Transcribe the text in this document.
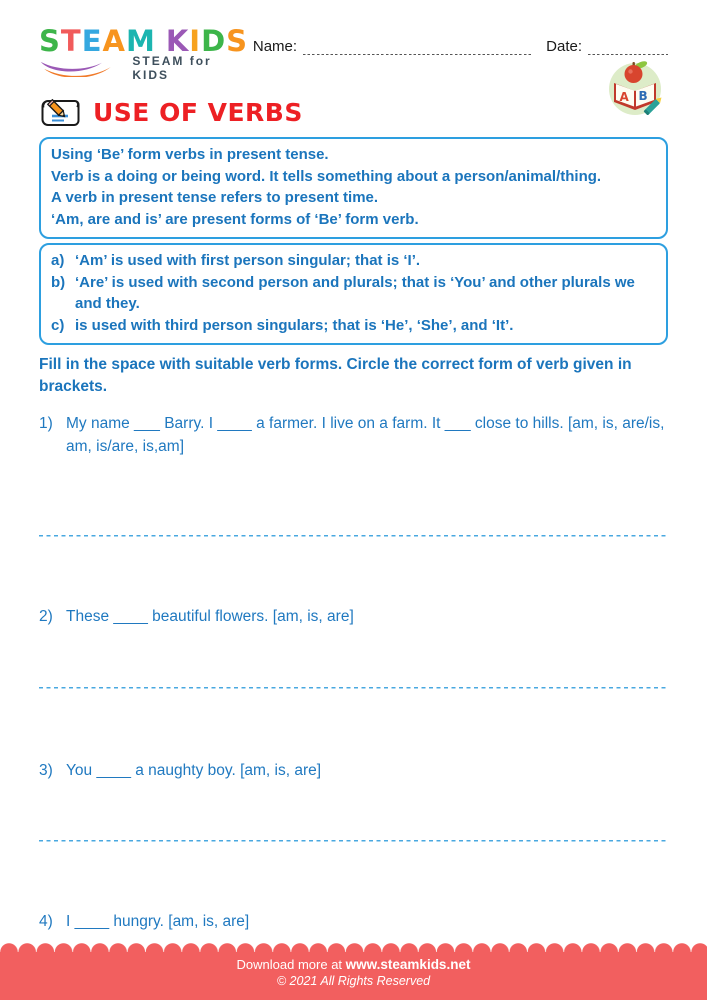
STEAM KIDS
STEAM for KIDS
Name:	Date:
A B
USE OF VERBS

Using ‘Be’ form verbs in present tense.

Verb is a doing or being word. It tells something about a person/animal/thing.

A verb in present tense refers to present time.

‘Am, are and is’ are present forms of ‘Be’ form verb.

a) ‘Am’ is used with first person singular; that is ‘I’.
b) ‘Are’ is used with second person and plurals; that is ‘You’ and other plurals we and they.
c) is used with third person singulars; that is ‘He’, ‘She’, and ‘It’.

Fill in the space with suitable verb forms. Circle the correct form of verb given in brackets.

1) My name ___ Barry. I ____ a farmer. I live on a farm. It ___ close to hills. [am, is, are/is, am, is/are, is,am]
2) These ____ beautiful flowers. [am, is, are]
3) You ____ a naughty boy. [am, is, are]
4) I ____ hungry. [am, is, are]
Download more at www.steamkids.net
© 2021 All Rights Reserved
